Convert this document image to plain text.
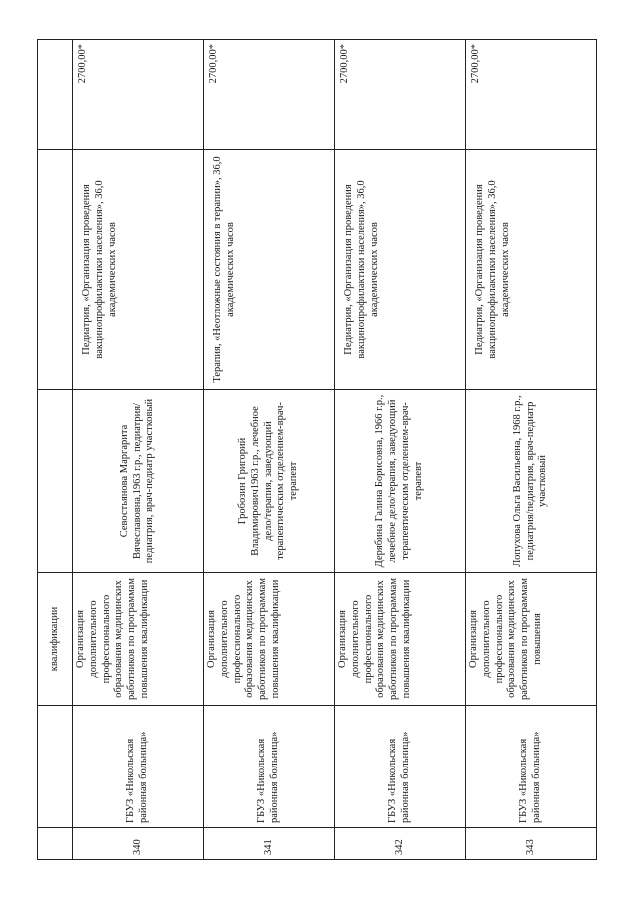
		квалификации			
340	ГБУЗ «Никольская районная больница»	Организация дополнительного профессионального образования медицинских работников по программам повышения квалификации	Севостьянова Маргарита Вячеславовна,1963 г.р., педиатрия/педиатрия, врач-педиатр участковый	Педиатрия, «Организация проведения вакцинопрофилактики населения», 36,0 академических часов	2700,00*
341	ГБУЗ «Никольская районная больница»	Организация дополнительного профессионального образования медицинских работников по программам повышения квалификации	Гробозин Григорий Владимирович1963 г.р., лечебное дело/терапия, заведующий терапевтическим отделением-врач-терапевт	Терапия, «Неотложные состояния в терапии», 36,0 академических часов	2700,00*
342	ГБУЗ «Никольская районная больница»	Организация дополнительного профессионального образования медицинских работников по программам повышения квалификации	Дерябина Галина Борисовна, 1966 г.р., лечебное дело/терапия, заведующий терапевтическим отделением-врач-терапевт	Педиатрия, «Организация проведения вакцинопрофилактики населения», 36,0 академических часов	2700,00*
343	ГБУЗ «Никольская районная больница»	Организация дополнительного профессионального образования медицинских работников по программам повышения	Лопухова Ольга Васильевна, 1968 г.р., педиатрия/педиатрия, врач-педиатр участковый	Педиатрия, «Организация проведения вакцинопрофилактики населения», 36,0 академических часов	2700,00*
